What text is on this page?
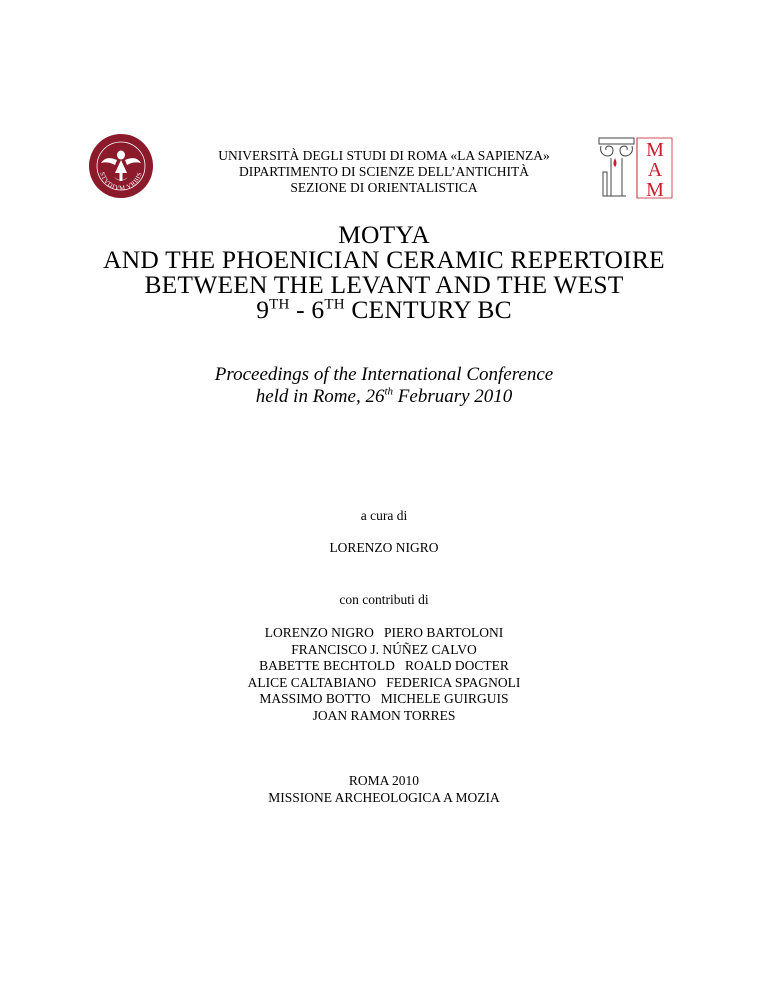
STVDIVM VRBIS
M
A
M
UNIVERSITÀ DEGLI STUDI DI ROMA «LA SAPIENZA»
DIPARTIMENTO DI SCIENZE DELL’ANTICHITÀ
SEZIONE DI ORIENTALISTICA
MOTYA
AND THE PHOENICIAN CERAMIC REPERTOIRE
BETWEEN THE LEVANT AND THE WEST
9TH - 6TH CENTURY BC
Proceedings of the International Conference
held in Rome, 26th February 2010
a cura di
LORENZO NIGRO
con contributi di
LORENZO NIGRO   PIERO BARTOLONI
FRANCISCO J. NÚÑEZ CALVO
BABETTE BECHTOLD   ROALD DOCTER
ALICE CALTABIANO   FEDERICA SPAGNOLI
MASSIMO BOTTO   MICHELE GUIRGUIS
JOAN RAMON TORRES
ROMA 2010
MISSIONE ARCHEOLOGICA A MOZIA
